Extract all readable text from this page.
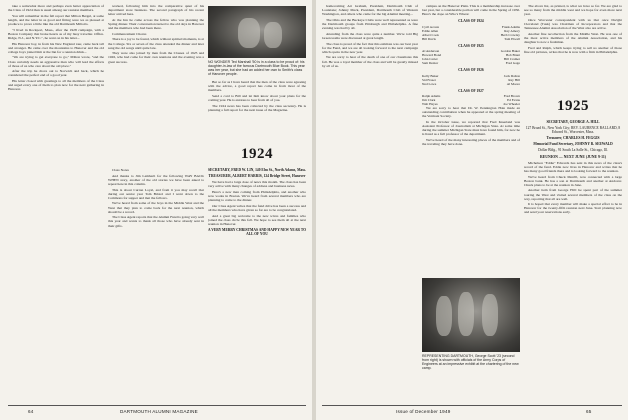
take a somewhat more and perhaps even better appreciation of the Class of 1924 than is usual among our reunion members.

You will remember in the fall report that Milton Bergel, at some length, and the letter in as good and fitting were we as pleased at produce to prove a little like the old Dartmouth Milton's.

"I lived in Rockport, Mass., after the 1928 campaign, with a Boston Company that broke hearts as of my busy traveller. Office. Ridge, N.J., and N.Y.C.", he went on in his letter...

His Hanover boy, in from his New England tour, came back tall and stronger. He came over the mountains to Hanover and the old college boys joined him at the Inn for a reunion drink...

"We are trying to get everyone to go," Milton wrote, "and the Class certainly needs an aggressive man who will lead the efforts of those of us who care about the old place."

After the trip he drove out to Norwich and back, which he considered the perfect end of a good year.

His letter closed with greetings to all the members of the Class and urged every one of them to plan now for the next gathering in Hanover.

worked, following him into the comparative quiet of his department store business. The second paragraph of his recent letter arrived here.

At the Inn he came across the fellow who was planning the Spring dinner. Their conversation turned to the old days in Hanover and the members who had been there.

Commencement Chorus

There is a joy to be found, which without spirited moments, is at the College. Six or seven of the class attended the dinner and later sang the old songs until quite late.

They were also joined by men from the Classes of 1925 and 1926, who had come for their own reunions and the evening was a great success.

Class Notes

And thanks to Jim Lamberti for the following WAY BACK WHEN story, another of the old stories we have been asked to repeat here in this column.

This is about Curran Loyal, and from it you may recall that during our senior year Tom Bristol and I went down to the Commons for supper and met the fellows.

We've heard from some of the boys in the Middle West and the West that they plan to come back for the next reunion, which should be a record.

The Class Agent reports that the Alumni Fund is going very well this year and wants to thank all those who have already sent in their gifts.

NO WONDER Ted Marshall '50 is in a class to be proud of: his daughter-in-law of the famous Dartmouth Blue Book. This year was her year, but she had an added her own to Smith's class of Hanover people.

But so far as I have heard that the men of the class were agreeing with the advice, a good report has come in from most of the members.

Send a card to Bill and let him know about your plans for the coming year. He is anxious to hear from all of you.

The 1924 news has been collected by the class secretary. He is planning a full report for the next issue of the Magazine.

1924
SECRETARY, FRED W. LIN, 140 Elm St., North Adams, Mass.
TREASURER, ALBERT HARRIS, 124 Bridge Street, Hanover

We have had a large dose of news this month. The class has been very active with many changes of address and business news.

Here's a new man coming from Philadelphia, and another who now works in Boston. We've heard from several members who are planning to come to the dinner.

Our Class Agent writes that the fund drive has been a success and all the members who have given so far are to be congratulated.

And a great big welcome to the new wives and families who joined the class circle this fall. We hope to see them all at the next reunion in Hanover.

A VERY MERRY CHRISTMAS AND HAPPY NEW YEAR TO ALL OF YOU
64	DARTMOUTH ALUMNI MAGAZINE

homecoming Art Graham, President, Dartmouth Club of Louisiana; Johnny Mack, President, Dartmouth Club of Western Washington, and others who came for the big Alumni meeting...

The Ohio and the Buckeye Clubs were well represented as were the Dartmouth groups from Pittsburgh and Philadelphia. A fine evening was had by all.

Attending from the class were quite a number. We're told Big Green teams were discussed at great length.

The class is proud of the fact that this estimate was our best year for the Fund, and we are all looking forward to the next campaign which opens in the new year.

We are sorry to hear of the death of one of our classmates this fall. He was a loyal member of the class and will be greatly missed by all of us.

campus on the Hanover Plain. This is a membership increase over last year, but a considerable portion will come in the Spring of 1950. Here's the dope on Who's Where:

CLASS OF 1924
Cyril Acosta	Frank Adams
Eddie Allen	Ray Amory
Albert Cook	Herb Crowley
Bill Davis	Tom Elwell
CLASS OF 1925
Al Anderson	Gordon Baker
Howard Bond	Bob Brant
John Carter	Bill Cramer
Sam Dexter	Fred Gage
CLASS OF 1926
Kelly Baker	Jack Dalton
Sid Fraser	Ray Hill
Ned Lowe	Al Moore
CLASS OF 1927
Ralph Adams	Fred Brown
Jim Clark	Ed Evans
Walt Hayes	Joe Wheeler

We are sorry to hear that Dr. W. Pennington Hale made an outstanding contribution when he appeared at the spring meeting of the Vermont Society.

In the October issue, we reported that Fred Kneeland was Assistant Professor of Journalism at Michigan State. At some time during the summer Michigan State must have found him, for now he is listed as a full professor of the department.

We've heard of the many interesting places of the members and of the traveling they have done.

REPRESENTING DARTMOUTH, George Scott '23 (second from right) is shown with officials of the Army Corps of Engineers at an impressive exhibit at the chartering of the new camp.

The above list, as printed, is what we have so far. We are glad to see so many from the middle west and we hope for even more next year.

Once Worcester correspondent with us that once Dwight Cleveland (Tusk) was Chairman of Incorporators and that the Tennessee Alumni Association of the West also are active.

Another fine recollection from the Middle West. He was one of the most active members of the Alumni Association, and his daughter is now a freshman.

Fred and Ralph, which keeps trying to sell us another of those fine old pictures, writes that he is now with a firm in Philadelphia.

1925
SECRETARY, GEORGE A. HILL
127 Broad St., New York City; REV. LAURENCE BALLARD, 8 Edward St., Worcester, Mass.
Treasurer, CHARLES H. FEGGIS
Memorial Fund Secretary, JOHNNY R. SEEWALD
Dollar Bldg., 91 South La Salle St., Chicago, Ill.
REUNION — NEXT JUNE (JUNE 9-11)

Michelson "Eddie" Edwards has sent in this news of the class's record of the fund. Eddie now lives in Hanover and writes that he has many good friends there and is looking forward to the reunion.

We've heard from Chuck Merrill, now connected with a large Boston bank. He has a son at Dartmouth and another at Andover. Chuck plans to be at the reunion in June.

Another item from George Hill: he spent part of the summer touring the West and visited several members of the class on the way, reporting that all are well.

It is hoped that every member will make a special effort to be in Hanover for the twenty-fifth reunion next June. Start planning now and send your reservations early.

Issue of December 1949	65
